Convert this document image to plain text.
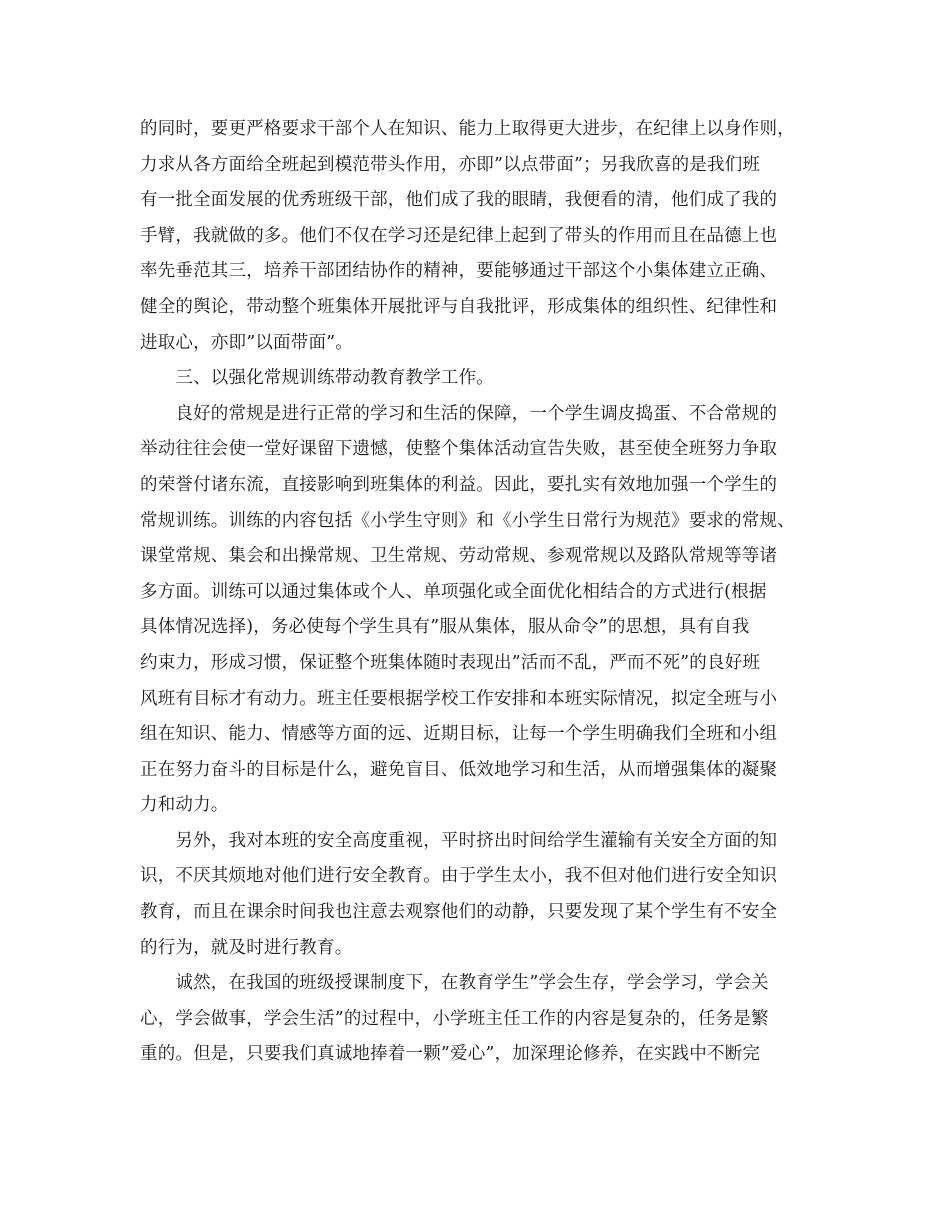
的同时，要更严格要求干部个人在知识、能力上取得更大进步，在纪律上以身作则，
力求从各方面给全班起到模范带头作用，亦即”以点带面”；另我欣喜的是我们班
有一批全面发展的优秀班级干部，他们成了我的眼睛，我便看的清，他们成了我的
手臂，我就做的多。他们不仅在学习还是纪律上起到了带头的作用而且在品德上也
率先垂范其三，培养干部团结协作的精神，要能够通过干部这个小集体建立正确、
健全的舆论，带动整个班集体开展批评与自我批评，形成集体的组织性、纪律性和
进取心，亦即”以面带面”。
　　三、以强化常规训练带动教育教学工作。
　　良好的常规是进行正常的学习和生活的保障，一个学生调皮捣蛋、不合常规的
举动往往会使一堂好课留下遗憾，使整个集体活动宣告失败，甚至使全班努力争取
的荣誉付诸东流，直接影响到班集体的利益。因此，要扎实有效地加强一个学生的
常规训练。训练的内容包括《小学生守则》和《小学生日常行为规范》要求的常规、
课堂常规、集会和出操常规、卫生常规、劳动常规、参观常规以及路队常规等等诸
多方面。训练可以通过集体或个人、单项强化或全面优化相结合的方式进行(根据
具体情况选择)，务必使每个学生具有”服从集体，服从命令”的思想，具有自我
约束力，形成习惯，保证整个班集体随时表现出”活而不乱，严而不死”的良好班
风班有目标才有动力。班主任要根据学校工作安排和本班实际情况，拟定全班与小
组在知识、能力、情感等方面的远、近期目标，让每一个学生明确我们全班和小组
正在努力奋斗的目标是什么，避免盲目、低效地学习和生活，从而增强集体的凝聚
力和动力。
　　另外，我对本班的安全高度重视，平时挤出时间给学生灌输有关安全方面的知
识，不厌其烦地对他们进行安全教育。由于学生太小，我不但对他们进行安全知识
教育，而且在课余时间我也注意去观察他们的动静，只要发现了某个学生有不安全
的行为，就及时进行教育。
　　诚然，在我国的班级授课制度下，在教育学生”学会生存，学会学习，学会关
心，学会做事，学会生活”的过程中，小学班主任工作的内容是复杂的，任务是繁
重的。但是，只要我们真诚地捧着一颗”爱心”，加深理论修养，在实践中不断完
